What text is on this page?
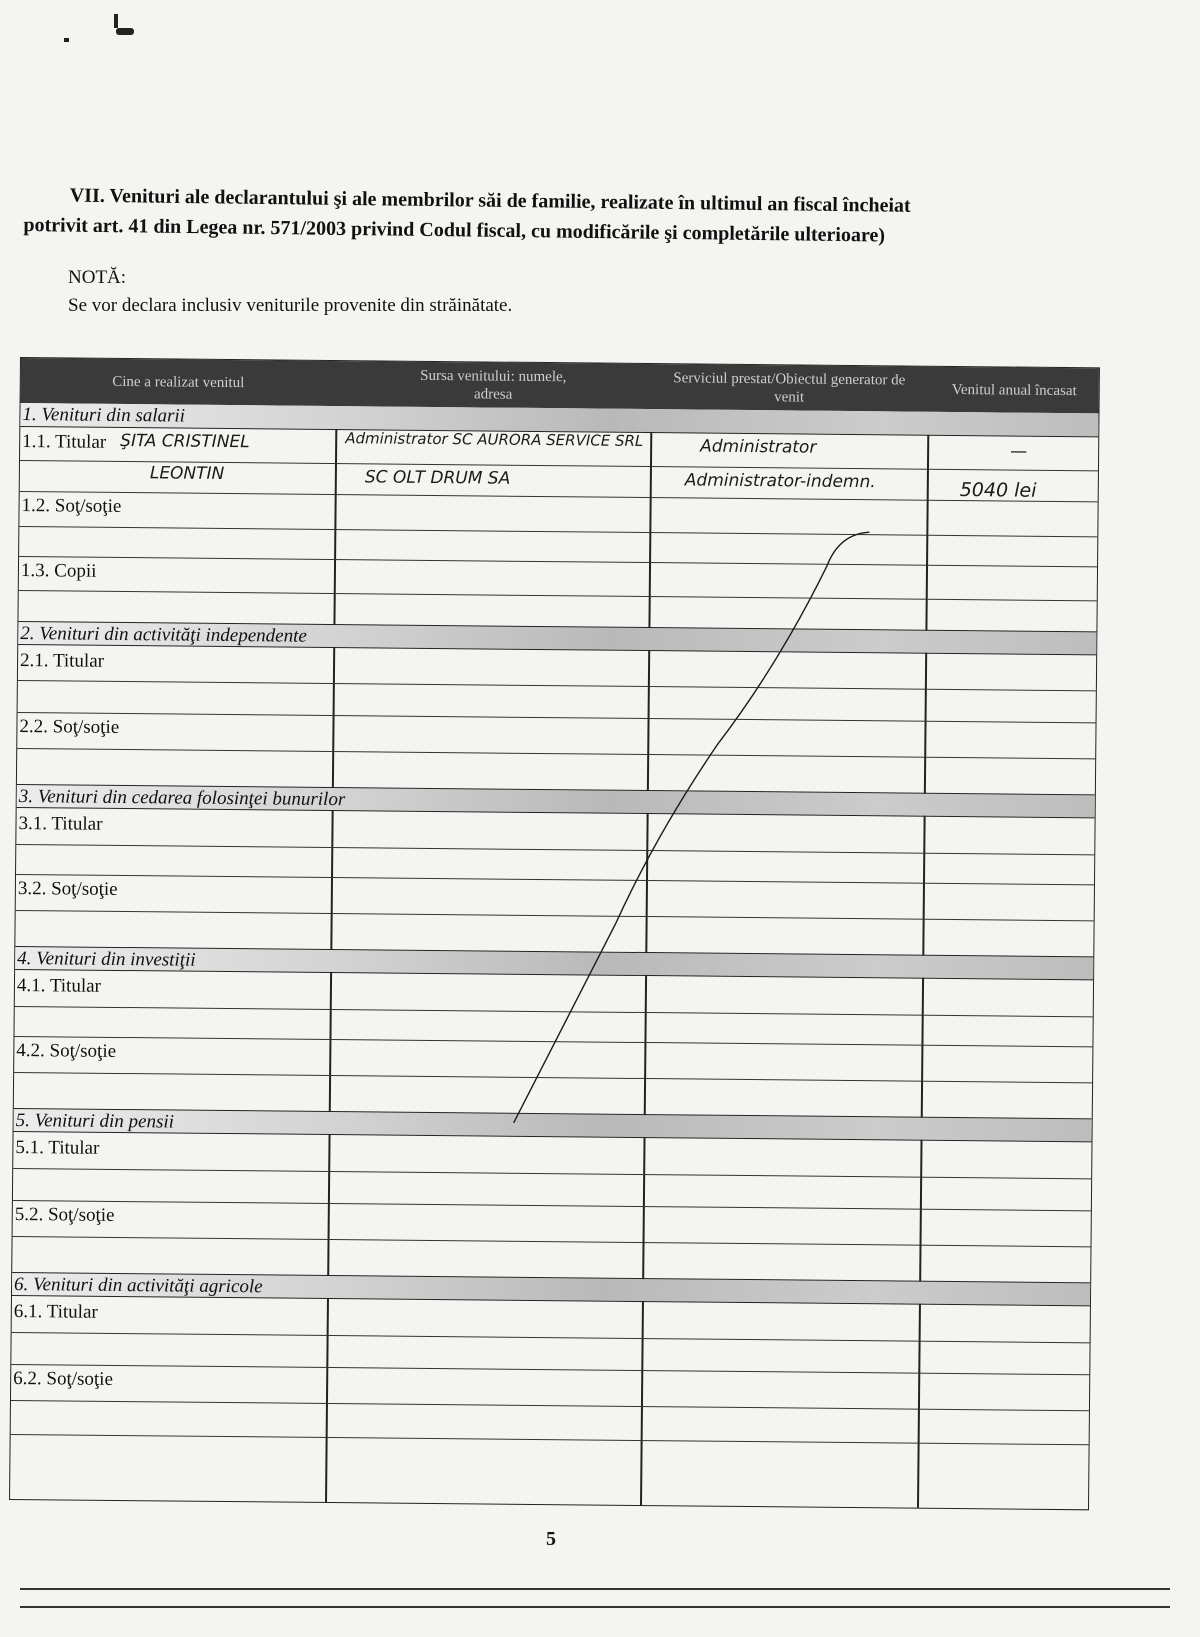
VII. Venituri ale declarantului şi ale membrilor săi de familie, realizate în ultimul an fiscal încheiat
potrivit art. 41 din Legea nr. 571/2003 privind Codul fiscal, cu modificările şi completările ulterioare)
NOTĂ:
Se vor declara inclusiv veniturile provenite din străinătate.
Cine a realizat venitul	Sursa venitului: numele, adresa
Serviciul prestat/Obiectul generator de venit	Venitul anual încasat
1. Venituri din salarii
1.1. Titular
1.2. Soţ/soţie
1.3. Copii
2. Venituri din activităţi independente
2.1. Titular
2.2. Soţ/soţie
3. Venituri din cedarea folosinţei bunurilor
3.1. Titular
3.2. Soţ/soţie
4. Venituri din investiţii
4.1. Titular
4.2. Soţ/soţie
5. Venituri din pensii
5.1. Titular
5.2. Soţ/soţie
6. Venituri din activităţi agricole
6.1. Titular
6.2. Soţ/soţie
ŞITA CRISTINEL
LEONTIN
Administrator SC AURORA SERVICE SRL
SC OLT DRUM SA
Administrator
Administrator-indemn.
—
5040 lei
5
